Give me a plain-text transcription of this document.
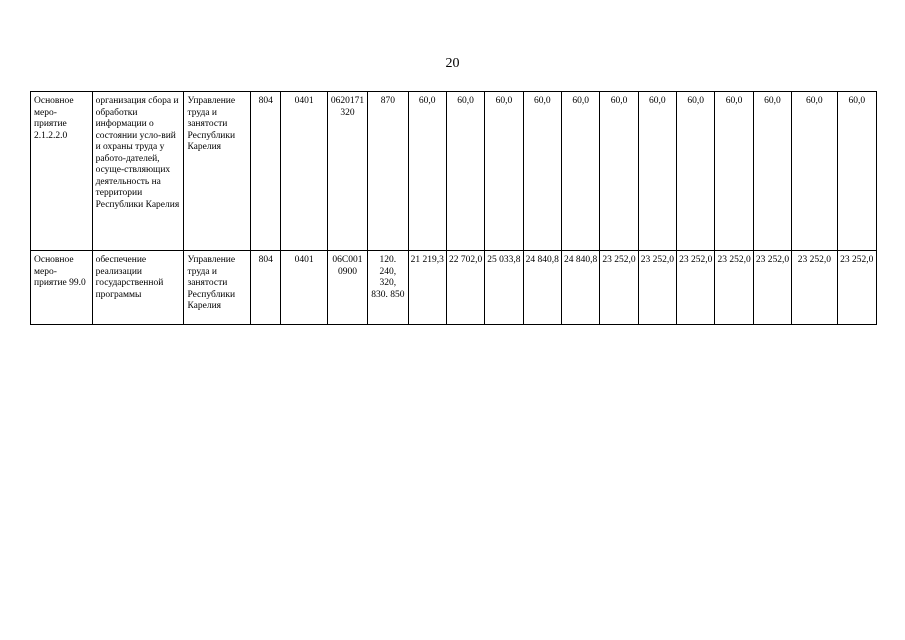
20
Основное меро-приятие 2.1.2.2.0	организация сбора и обработки информации о состоянии усло-вий и охраны труда у работо-дателей, осуще-ствляющих деятельность на территории Республики Карелия	Управление труда и занятости Республики Карелия	804	0401	0620171 320	870	60,0	60,0	60,0	60,0	60,0	60,0	60,0	60,0	60,0	60,0	60,0	60,0
Основное меро-приятие 99.0	обеспечение реализации государственной программы	Управление труда и занятости Республики Карелия	804	0401	06С001 0900	120. 240, 320, 830. 850	21 219,3	22 702,0	25 033,8	24 840,8	24 840,8	23 252,0	23 252,0	23 252,0	23 252,0	23 252,0	23 252,0	23 252,0
